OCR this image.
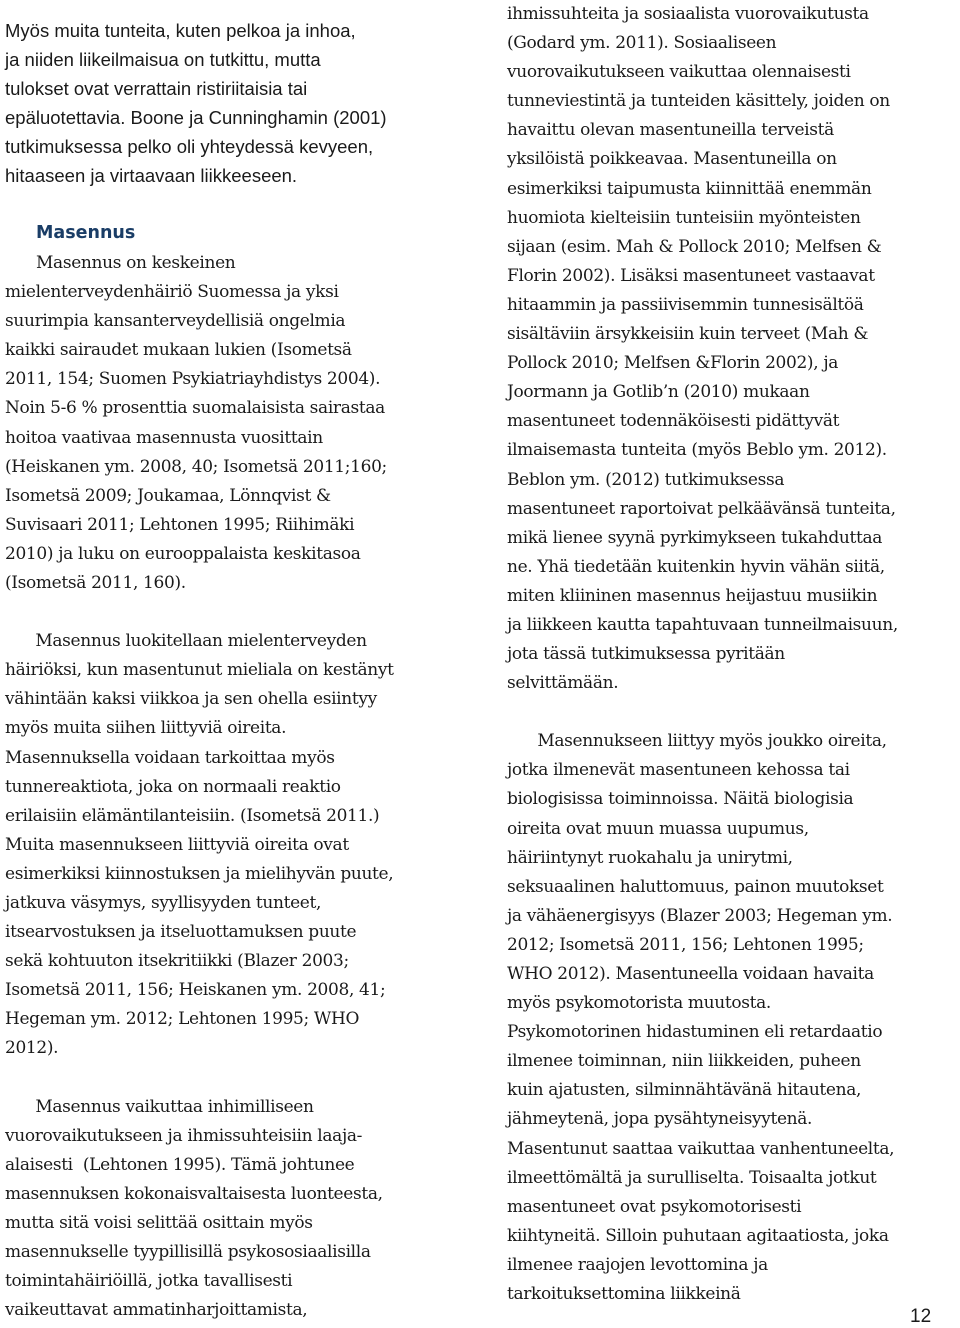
Myös muita tunteita, kuten pelkoa ja inhoa,

ja niiden liikeilmaisua on tutkittu, mutta

tulokset ovat verrattain ristiriitaisia tai

epäluotettavia. Boone ja Cunninghamin (2001)

tutkimuksessa pelko oli yhteydessä kevyeen,

hitaaseen ja virtaavaan liikkeeseen.

Masennus

Masennus on keskeinen

mielenterveydenhäiriö Suomessa ja yksi

suurimpia kansanterveydellisiä ongelmia

kaikki sairaudet mukaan lukien (Isometsä

2011, 154; Suomen Psykiatriayhdistys 2004).

Noin 5-6 % prosenttia suomalaisista sairastaa

hoitoa vaativaa masennusta vuosittain

(Heiskanen ym. 2008, 40; Isometsä 2011;160;

Isometsä 2009; Joukamaa, Lönnqvist &

Suvisaari 2011; Lehtonen 1995; Riihimäki

2010) ja luku on eurooppalaista keskitasoa

(Isometsä 2011, 160).

Masennus luokitellaan mielenterveyden

häiriöksi, kun masentunut mieliala on kestänyt

vähintään kaksi viikkoa ja sen ohella esiintyy

myös muita siihen liittyviä oireita.

Masennuksella voidaan tarkoittaa myös

tunnereaktiota, joka on normaali reaktio

erilaisiin elämäntilanteisiin. (Isometsä 2011.)

Muita masennukseen liittyviä oireita ovat

esimerkiksi kiinnostuksen ja mielihyvän puute,

jatkuva väsymys, syyllisyyden tunteet,

itsearvostuksen ja itseluottamuksen puute

sekä kohtuuton itsekritiikki (Blazer 2003;

Isometsä 2011, 156; Heiskanen ym. 2008, 41;

Hegeman ym. 2012; Lehtonen 1995; WHO

2012).

Masennus vaikuttaa inhimilliseen

vuorovaikutukseen ja ihmissuhteisiin laaja-

alaisesti  (Lehtonen 1995). Tämä johtunee

masennuksen kokonaisvaltaisesta luonteesta,

mutta sitä voisi selittää osittain myös

masennukselle tyypillisillä psykososiaalisilla

toimintahäiriöillä, jotka tavallisesti

vaikeuttavat ammatinharjoittamista,

ihmissuhteita ja sosiaalista vuorovaikutusta

(Godard ym. 2011). Sosiaaliseen

vuorovaikutukseen vaikuttaa olennaisesti

tunneviestintä ja tunteiden käsittely, joiden on

havaittu olevan masentuneilla terveistä

yksilöistä poikkeavaa. Masentuneilla on

esimerkiksi taipumusta kiinnittää enemmän

huomiota kielteisiin tunteisiin myönteisten

sijaan (esim. Mah & Pollock 2010; Melfsen &

Florin 2002). Lisäksi masentuneet vastaavat

hitaammin ja passiivisemmin tunnesisältöä

sisältäviin ärsykkeisiin kuin terveet (Mah &

Pollock 2010; Melfsen &Florin 2002), ja

Joormann ja Gotlib’n (2010) mukaan

masentuneet todennäköisesti pidättyvät

ilmaisemasta tunteita (myös Beblo ym. 2012).

Beblon ym. (2012) tutkimuksessa

masentuneet raportoivat pelkäävänsä tunteita,

mikä lienee syynä pyrkimykseen tukahduttaa

ne. Yhä tiedetään kuitenkin hyvin vähän siitä,

miten kliininen masennus heijastuu musiikin

ja liikkeen kautta tapahtuvaan tunneilmaisuun,

jota tässä tutkimuksessa pyritään

selvittämään.

Masennukseen liittyy myös joukko oireita,

jotka ilmenevät masentuneen kehossa tai

biologisissa toiminnoissa. Näitä biologisia

oireita ovat muun muassa uupumus,

häiriintynyt ruokahalu ja unirytmi,

seksuaalinen haluttomuus, painon muutokset

ja vähäenergisyys (Blazer 2003; Hegeman ym.

2012; Isometsä 2011, 156; Lehtonen 1995;

WHO 2012). Masentuneella voidaan havaita

myös psykomotorista muutosta.

Psykomotorinen hidastuminen eli retardaatio

ilmenee toiminnan, niin liikkeiden, puheen

kuin ajatusten, silminnähtävänä hitautena,

jähmeytenä, jopa pysähtyneisyytenä.

Masentunut saattaa vaikuttaa vanhentuneelta,

ilmeettömältä ja surulliselta. Toisaalta jotkut

masentuneet ovat psykomotorisesti

kiihtyneitä. Silloin puhutaan agitaatiosta, joka

ilmenee raajojen levottomina ja

tarkoituksettomina liikkeinä

12
